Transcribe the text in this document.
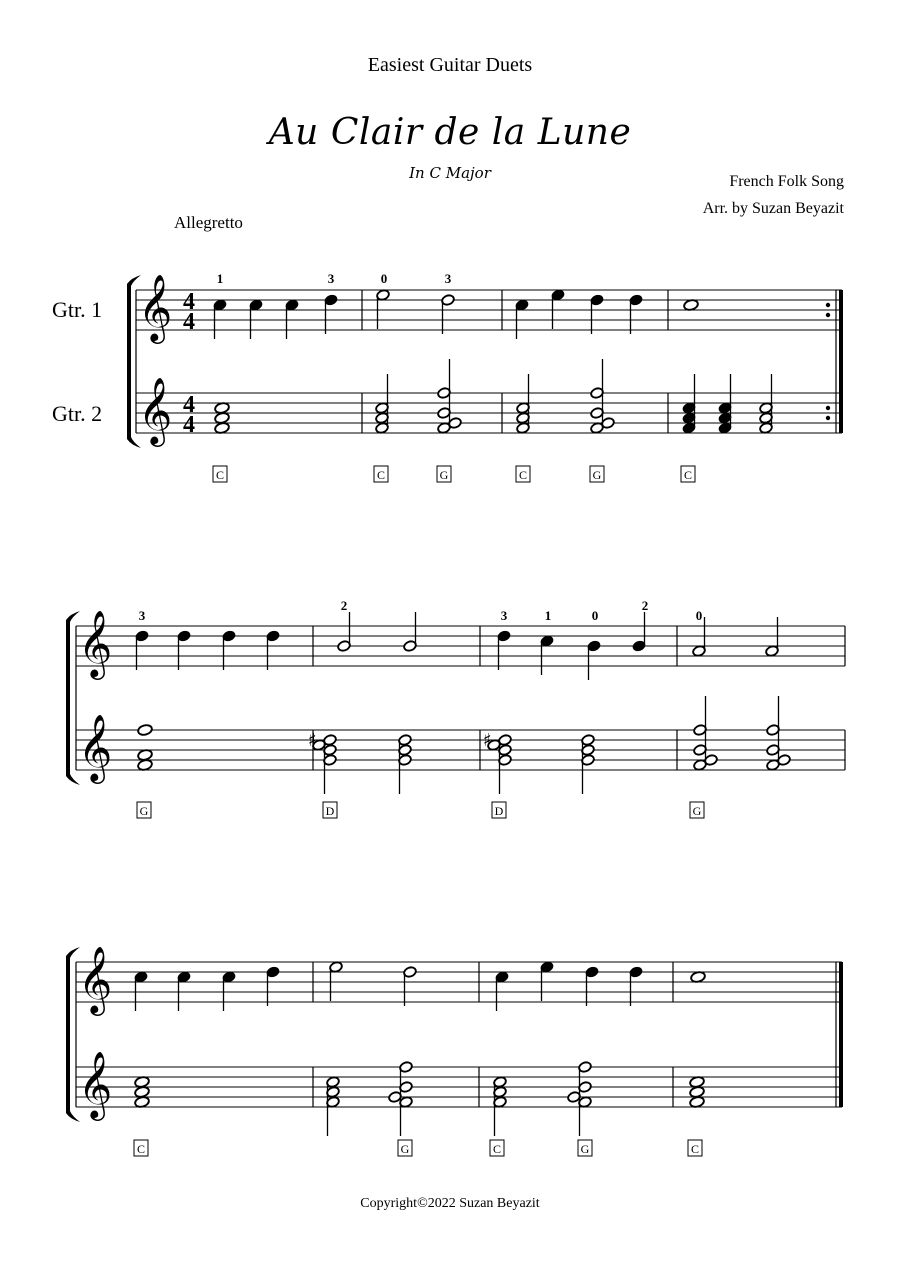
Easiest Guitar Duets
Au Clair de la Lune
In C Major	French Folk Song
Arr. by Suzan Beyazit
Allegretto
Gtr. 1
Gtr. 2
𝄞
𝄞
4
4
4
4
1	3	0	3
C	C	G	C	G	C
𝄞
𝄞
3
2
3	1	0
2
0
♯	♯
G	D	D	G
𝄞
𝄞
C	G	C	G	C
Copyright©2022 Suzan Beyazit
